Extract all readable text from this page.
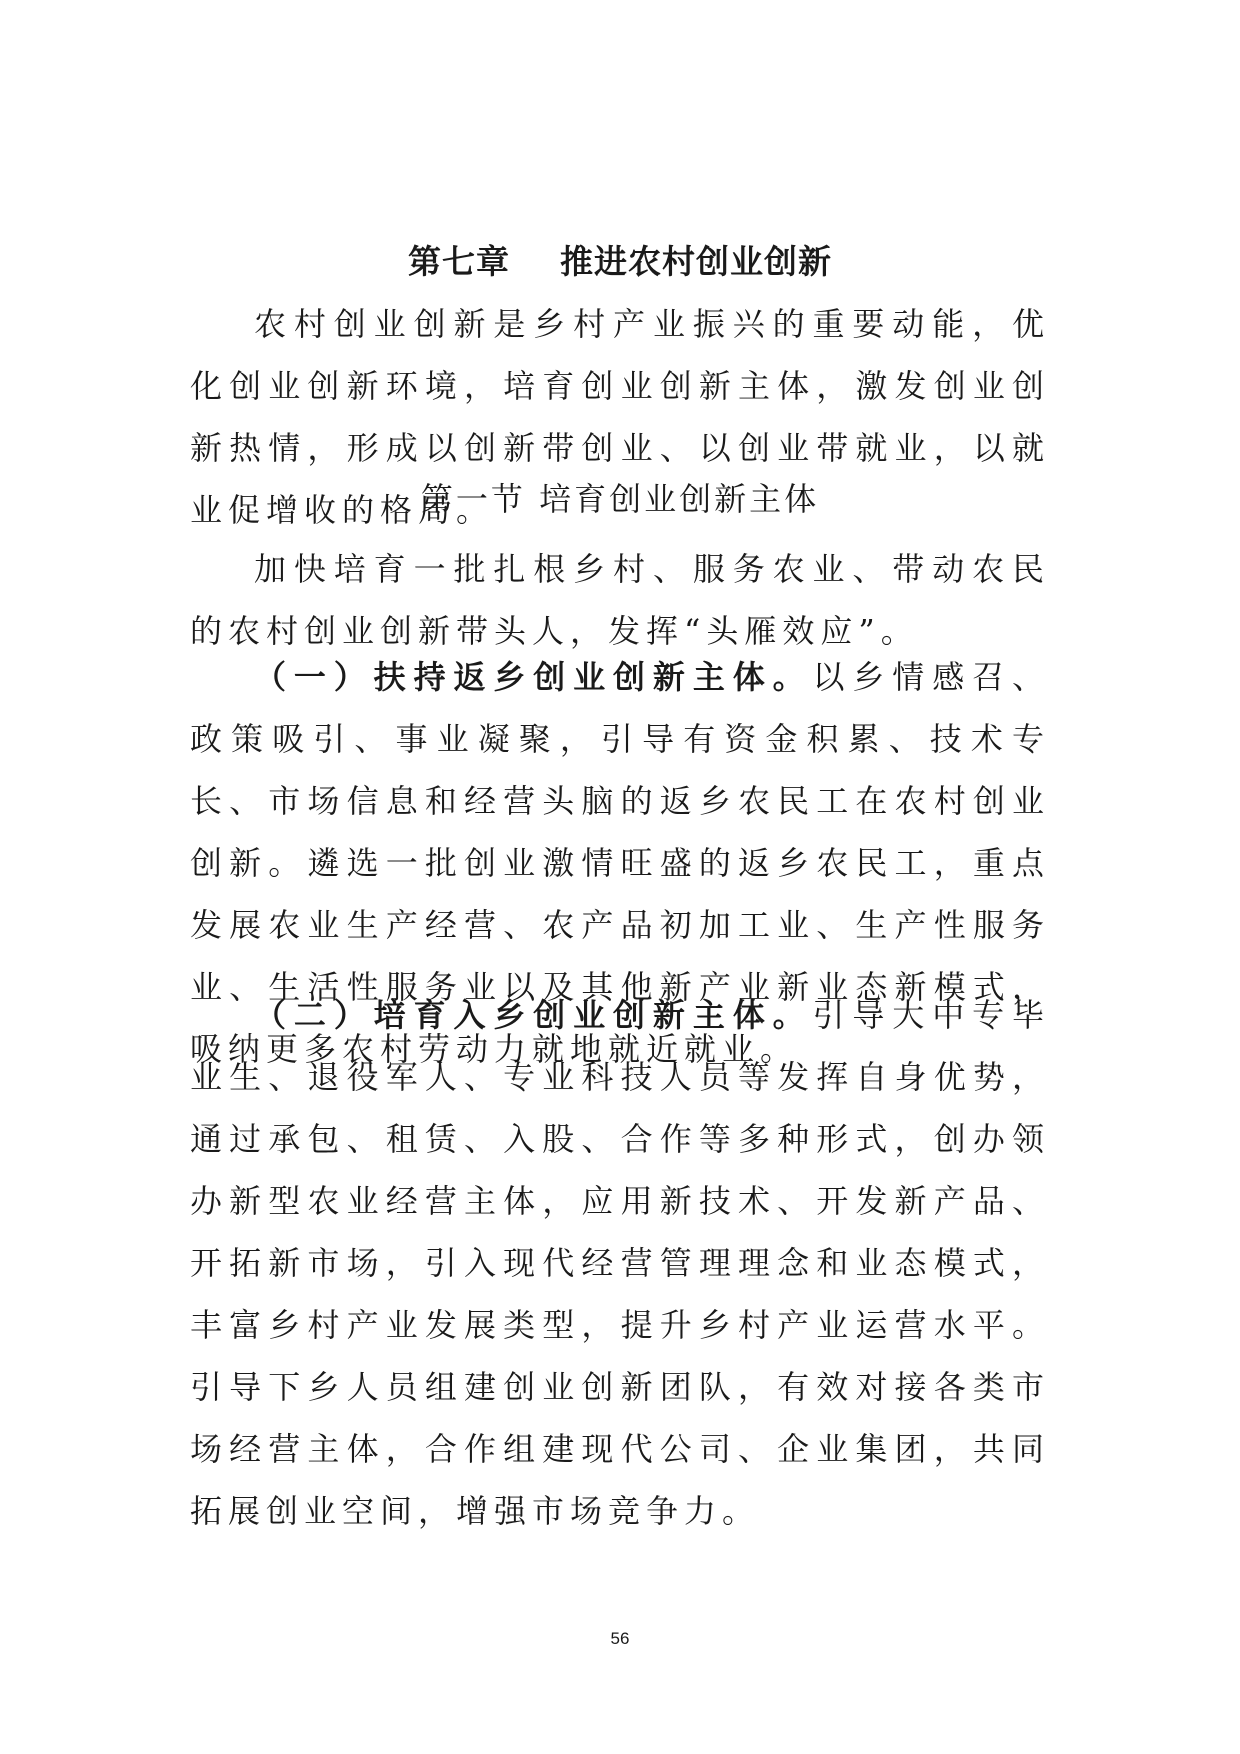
第七章    推进农村创业创新

农村创业创新是乡村产业振兴的重要动能，优化创业创新环境，培育创业创新主体，激发创业创新热情，形成以创新带创业、以创业带就业，以就业促增收的格局。

第一节 培育创业创新主体

加快培育一批扎根乡村、服务农业、带动农民的农村创业创新带头人，发挥“头雁效应”。

（一）扶持返乡创业创新主体。以乡情感召、政策吸引、事业凝聚，引导有资金积累、技术专长、市场信息和经营头脑的返乡农民工在农村创业创新。遴选一批创业激情旺盛的返乡农民工，重点发展农业生产经营、农产品初加工业、生产性服务业、生活性服务业以及其他新产业新业态新模式，吸纳更多农村劳动力就地就近就业。

（二）培育入乡创业创新主体。引导大中专毕业生、退役军人、专业科技人员等发挥自身优势，通过承包、租赁、入股、合作等多种形式，创办领办新型农业经营主体，应用新技术、开发新产品、开拓新市场，引入现代经营管理理念和业态模式，丰富乡村产业发展类型，提升乡村产业运营水平。引导下乡人员组建创业创新团队，有效对接各类市场经营主体，合作组建现代公司、企业集团，共同拓展创业空间，增强市场竞争力。

56
